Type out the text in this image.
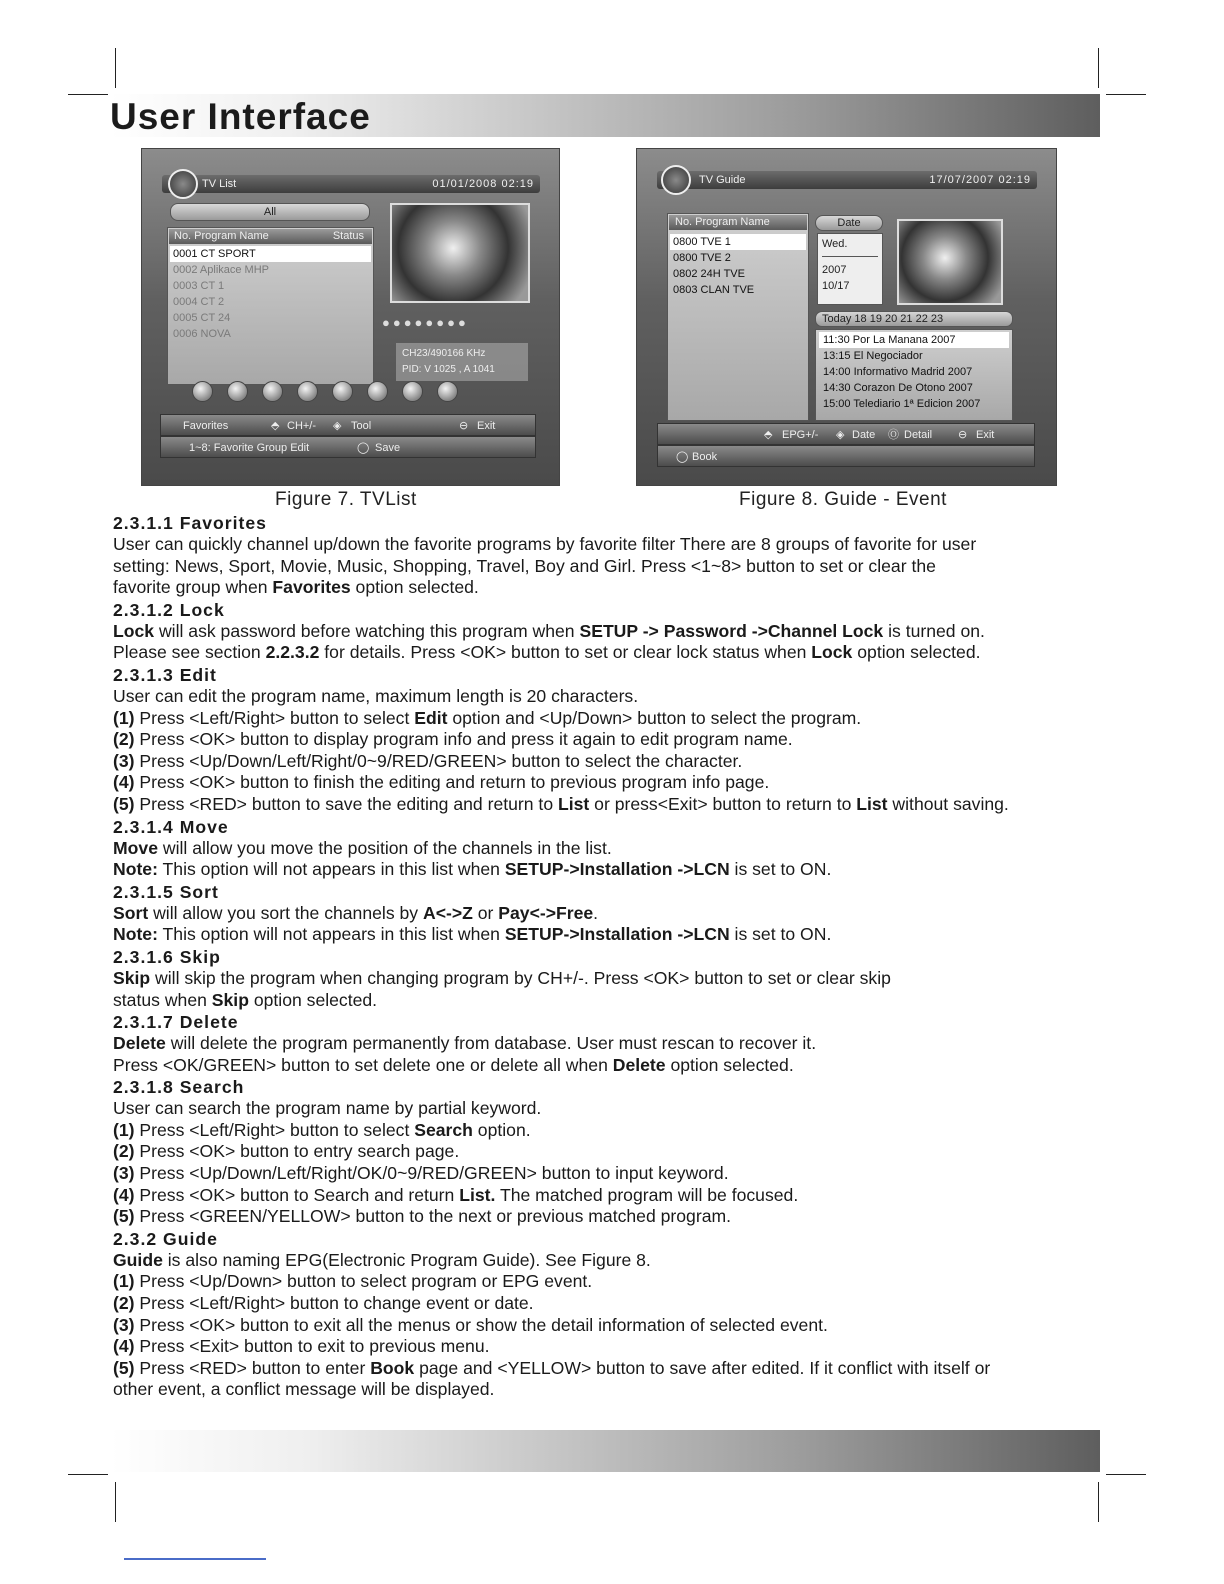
User Interface
TV List	01/01/2008 02:19
All
No. Program Name	Status
0001 CT SPORT
0002 Aplikace MHP
0003 CT 1
0004 CT 2
0005 CT 24
0006 NOVA
●●●●●●●●
CH23/490166 KHz
PID: V 1025 , A 1041
Favorites	⬘ CH+/- ◈ Tool	⊖ Exit
1~8: Favorite Group Edit	◯ Save
Figure 7. TVList
TV Guide	17/07/2007 02:19
No. Program Name
0800 TVE 1
0800 TVE 2
0802 24H TVE
0803 CLAN TVE
Date
Wed.
2007
10/17
Today 18 19 20 21 22 23
11:30 Por La Manana 2007
13:15 El Negociador
14:00 Informativo Madrid 2007
14:30 Corazon De Otono 2007
15:00 Telediario 1ª Edicion 2007
⬘ EPG+/- ◈ Date Ⓞ Detail ⊖ Exit
◯ Book
Figure 8. Guide - Event
2.3.1.1 Favorites

User can quickly channel up/down the favorite programs by favorite filter There are 8 groups of favorite for user

setting: News, Sport, Movie, Music, Shopping, Travel, Boy and Girl. Press <1~8> button to set or clear the

favorite group when Favorites option selected.

2.3.1.2 Lock

Lock will ask password before watching this program when SETUP -> Password ->Channel Lock is turned on.

Please see section 2.2.3.2 for details. Press <OK> button to set or clear lock status when Lock option selected.

2.3.1.3 Edit

User can edit the program name, maximum length is 20 characters.

(1) Press <Left/Right> button to select Edit option and <Up/Down> button to select the program.

(2) Press <OK> button to display program info and press it again to edit program name.

(3) Press <Up/Down/Left/Right/0~9/RED/GREEN> button to select the character.

(4) Press <OK> button to finish the editing and return to previous program info page.

(5) Press <RED> button to save the editing and return to List or press<Exit> button to return to List without saving.

2.3.1.4 Move

Move will allow you move the position of the channels in the list.

Note: This option will not appears in this list when SETUP->Installation ->LCN is set to ON.

2.3.1.5 Sort

Sort will allow you sort the channels by A<->Z or Pay<->Free.

Note: This option will not appears in this list when SETUP->Installation ->LCN is set to ON.

2.3.1.6 Skip

Skip will skip the program when changing program by CH+/-. Press <OK> button to set or clear skip

status when Skip option selected.

2.3.1.7 Delete

Delete will delete the program permanently from database. User must rescan to recover it.

Press <OK/GREEN> button to set delete one or delete all when Delete option selected.

2.3.1.8 Search

User can search the program name by partial keyword.

(1) Press <Left/Right> button to select Search option.

(2) Press <OK> button to entry search page.

(3) Press <Up/Down/Left/Right/OK/0~9/RED/GREEN> button to input keyword.

(4) Press <OK> button to Search and return List. The matched program will be focused.

(5) Press <GREEN/YELLOW> button to the next or previous matched program.

2.3.2 Guide

Guide is also naming EPG(Electronic Program Guide). See Figure 8.

(1) Press <Up/Down> button to select program or EPG event.

(2) Press <Left/Right> button to change event or date.

(3) Press <OK> button to exit all the menus or show the detail information of selected event.

(4) Press <Exit> button to exit to previous menu.

(5) Press <RED> button to enter Book page and <YELLOW> button to save after edited. If it conflict with itself or

other event, a conflict message will be displayed.
